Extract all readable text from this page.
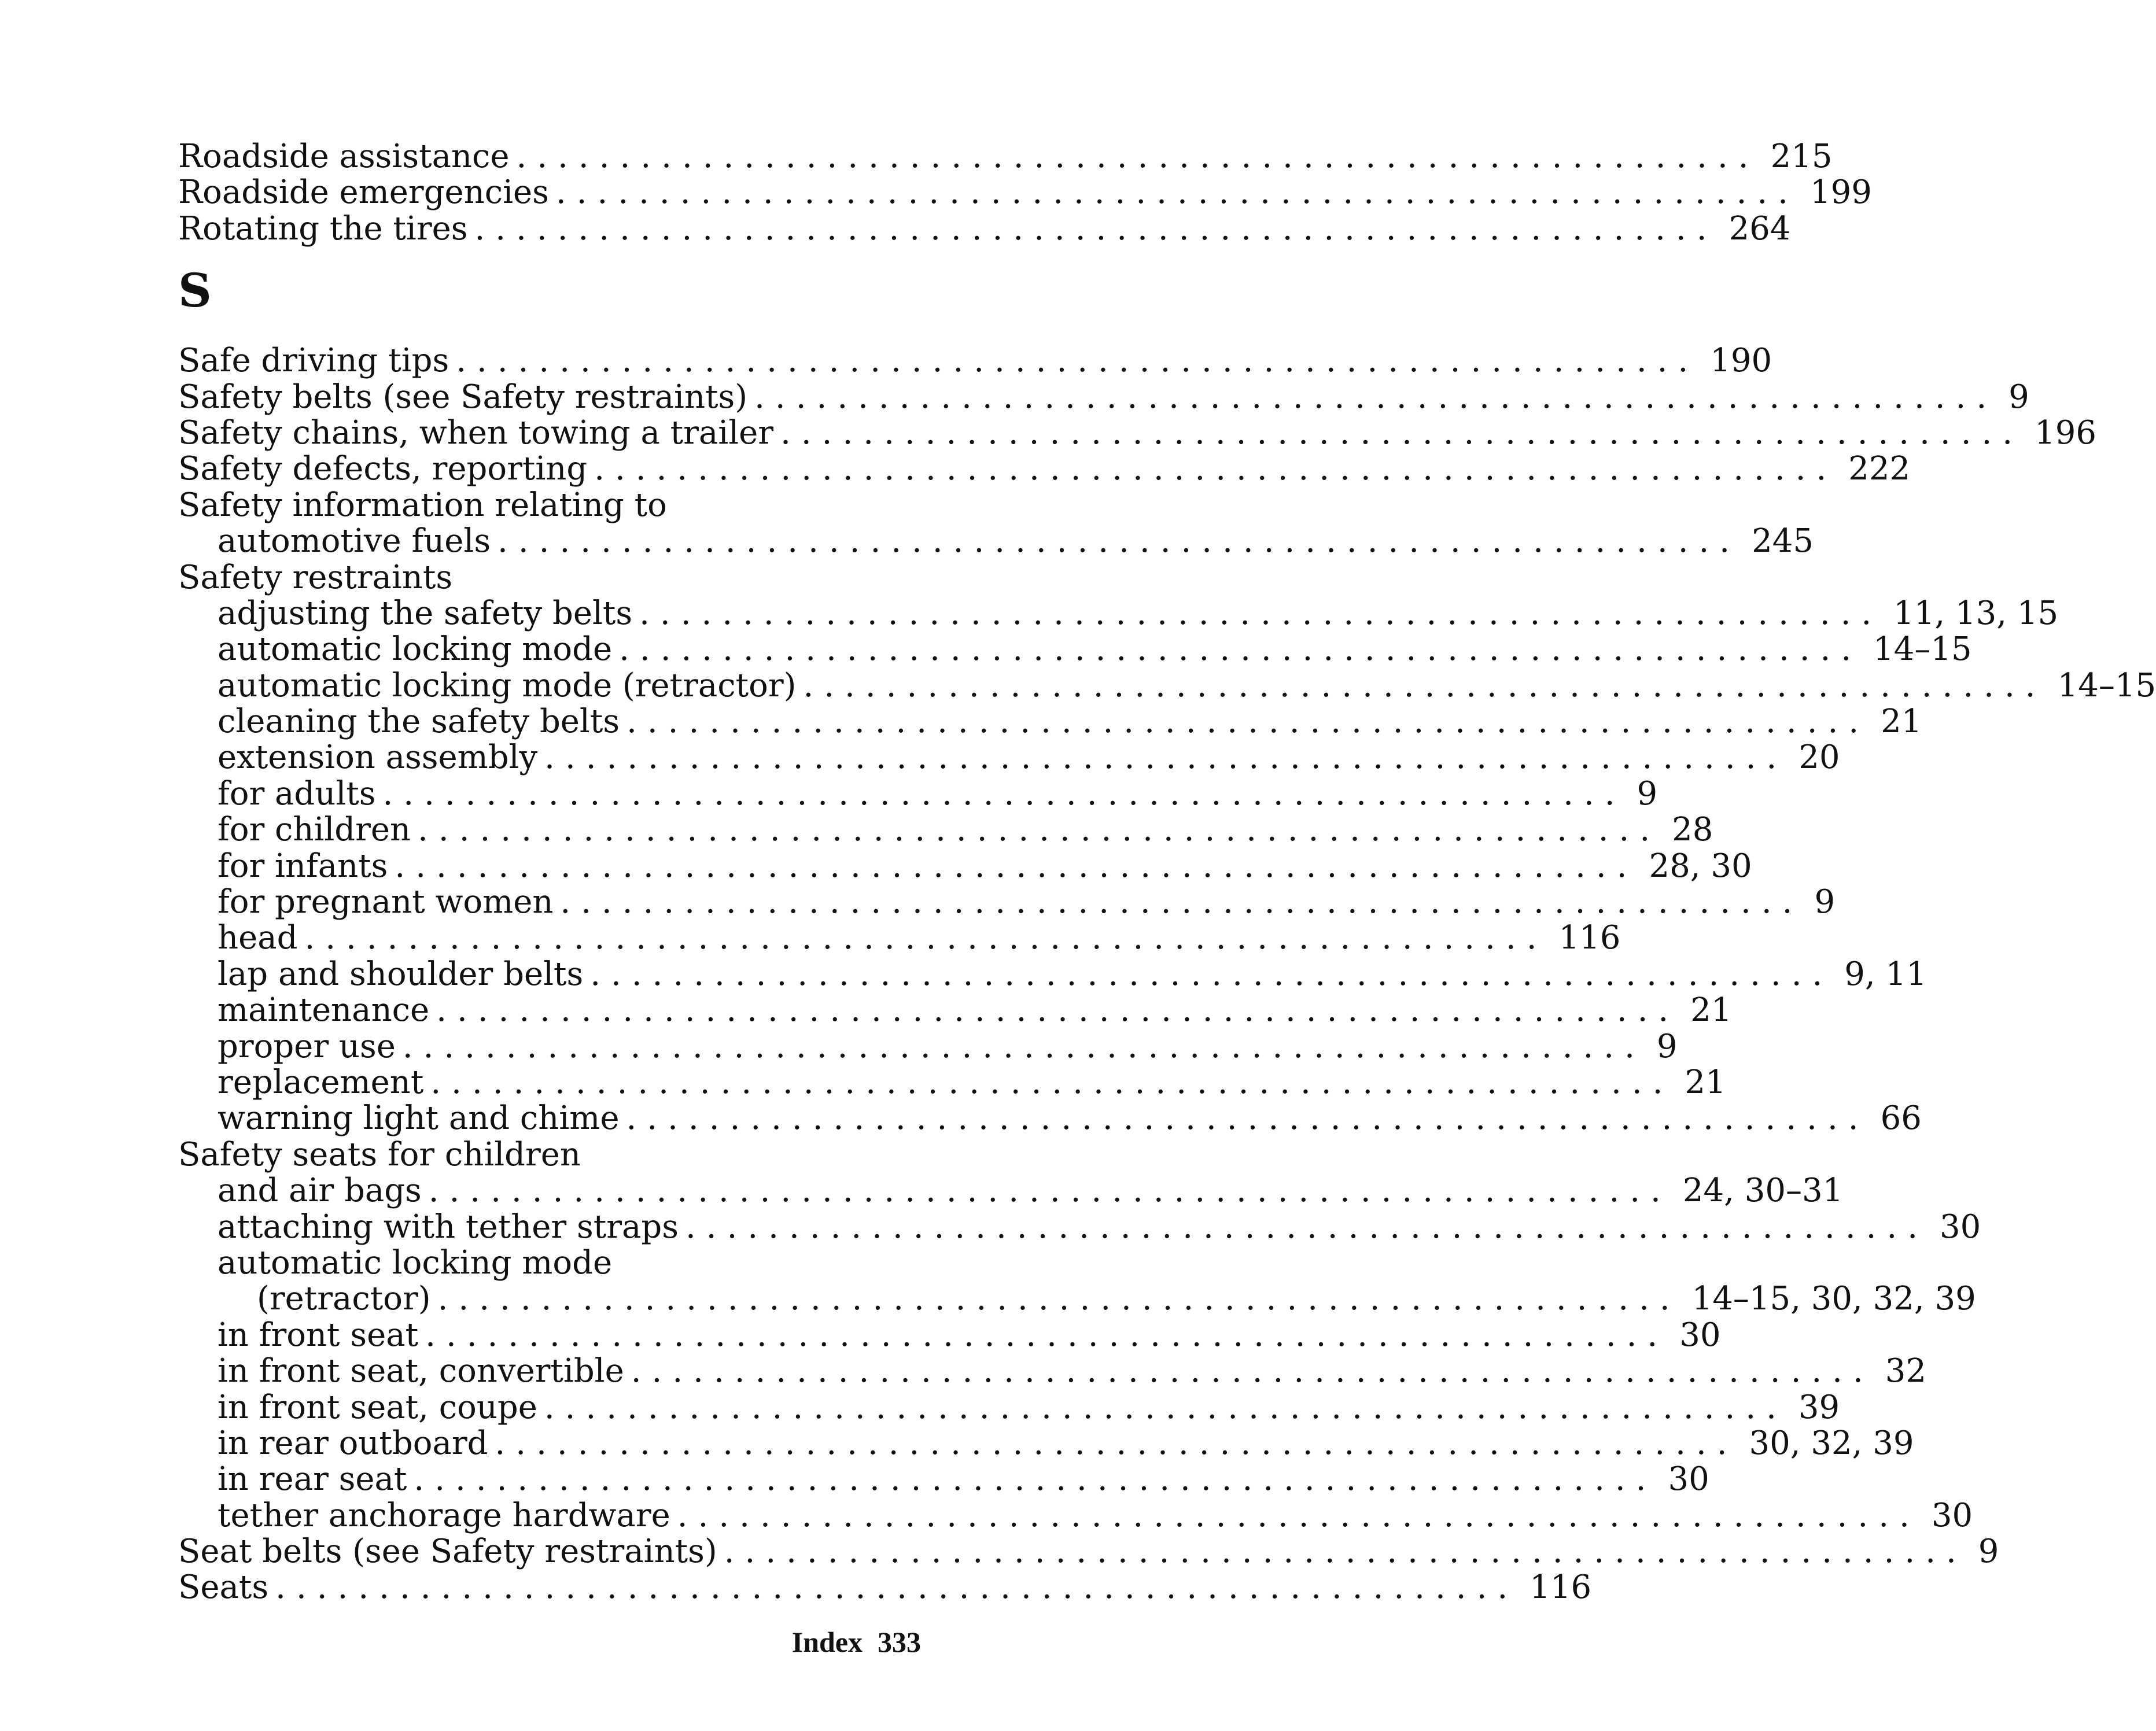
Roadside assistance ............................................................ 215
Roadside emergencies ............................................................ 199
Rotating the tires ............................................................ 264
S
Safe driving tips ............................................................ 190
Safety belts (see Safety restraints) ............................................................ 9
Safety chains, when towing a trailer ............................................................ 196
Safety defects, reporting ............................................................ 222
Safety information relating to
automotive fuels ............................................................ 245
Safety restraints
adjusting the safety belts ............................................................ 11, 13, 15
automatic locking mode ............................................................ 14–15
automatic locking mode (retractor) ............................................................ 14–15
cleaning the safety belts ............................................................ 21
extension assembly ............................................................ 20
for adults ............................................................ 9
for children ............................................................ 28
for infants ............................................................ 28, 30
for pregnant women ............................................................ 9
head ............................................................ 116
lap and shoulder belts ............................................................ 9, 11
maintenance ............................................................ 21
proper use ............................................................ 9
replacement ............................................................ 21
warning light and chime ............................................................ 66
Safety seats for children
and air bags ............................................................ 24, 30–31
attaching with tether straps ............................................................ 30
automatic locking mode
(retractor) ............................................................ 14–15, 30, 32, 39
in front seat ............................................................ 30
in front seat, convertible ............................................................ 32
in front seat, coupe ............................................................ 39
in rear outboard ............................................................ 30, 32, 39
in rear seat ............................................................ 30
tether anchorage hardware ............................................................ 30
Seat belts (see Safety restraints) ............................................................ 9
Seats ............................................................ 116
Index 333
